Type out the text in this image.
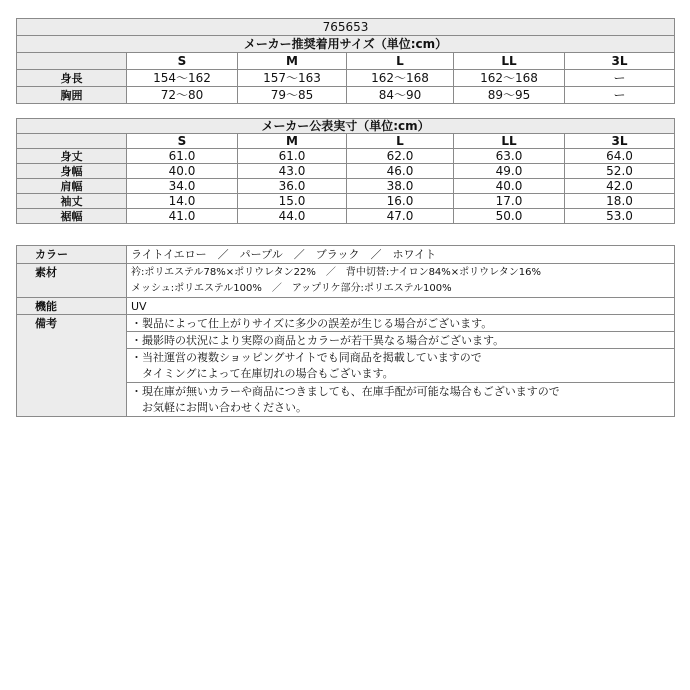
765653					
メーカー推奨着用サイズ（単位:cm）					
	S	M	L	LL	3L
身長	154〜162	157〜163	162〜168	162〜168	ー
胸囲	72〜80	79〜85	84〜90	89〜95	ー
メーカー公表実寸（単位:cm）					
	S	M	L	LL	3L
身丈	61.0	61.0	62.0	63.0	64.0
身幅	40.0	43.0	46.0	49.0	52.0
肩幅	34.0	36.0	38.0	40.0	42.0
袖丈	14.0	15.0	16.0	17.0	18.0
裾幅	41.0	44.0	47.0	50.0	53.0
カラー	ライトイエロー　／　パープル　／　ブラック　／　ホワイト
素材	衿:ポリエステル78%×ポリウレタン22%　／　背中切替:ナイロン84%×ポリウレタン16%
メッシュ:ポリエステル100%　／　アップリケ部分:ポリエステル100%

機能	UV
備考	・製品によって仕上がりサイズに多少の誤差が生じる場合がございます。
	・撮影時の状況により実際の商品とカラーが若干異なる場合がございます。

	・当社運営の複数ショッピングサイトでも同商品を掲載していますので
　タイミングによって在庫切れの場合もございます。

	・現在庫が無いカラーや商品につきましても、在庫手配が可能な場合もございますので
　お気軽にお問い合わせください。
